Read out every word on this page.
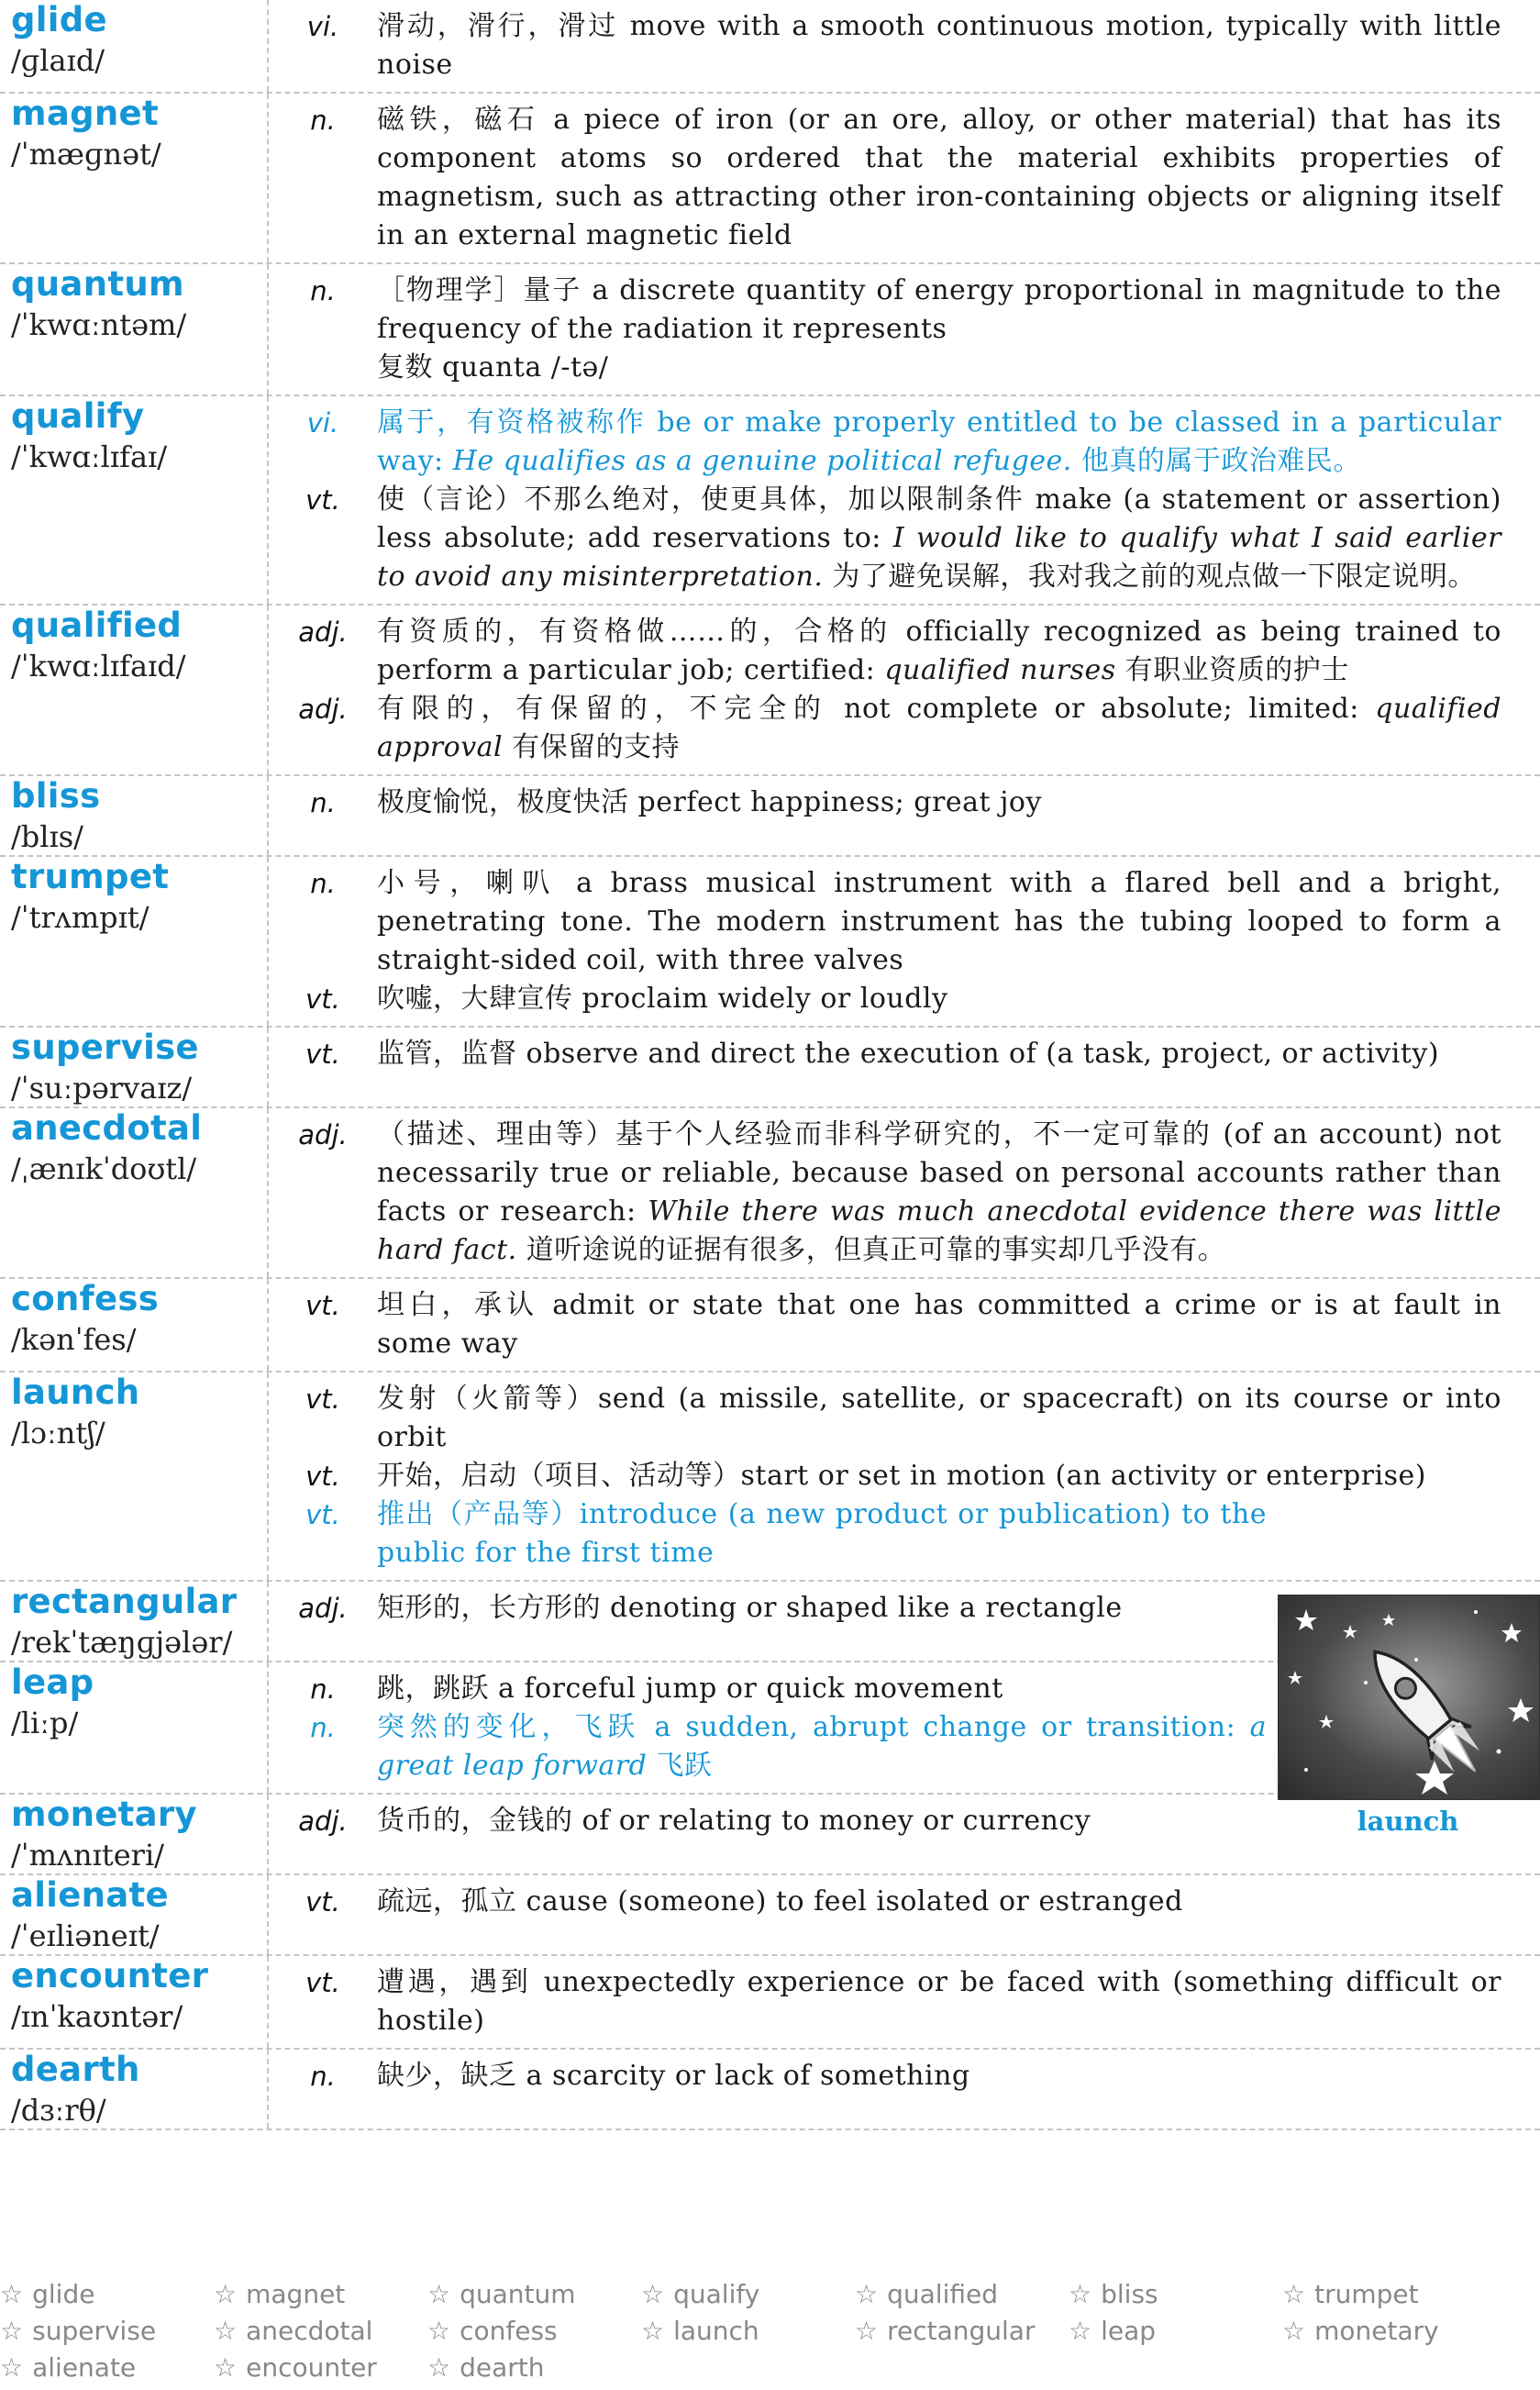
glide
/ɡlaɪd/
vi.	滑动，滑行，滑过 move with a smooth continuous motion, typically with little noise
magnet
/ˈmæɡnət/
n.	磁铁，磁石 a piece of iron (or an ore, alloy, or other material) that has its component atoms so ordered that the material exhibits properties of magnetism, such as attracting other iron-containing objects or aligning itself in an external magnetic field
quantum
/ˈkwɑːntəm/
n.	［物理学］量子 a discrete quantity of energy proportional in magnitude to the frequency of the radiation it represents
复数 quanta /-tə/
qualify
/ˈkwɑːlɪfaɪ/
vi.	属于，有资格被称作 be or make properly entitled to be classed in a particular way: He qualifies as a genuine political refugee. 他真的属于政治难民。
vt.	使（言论）不那么绝对，使更具体，加以限制条件 make (a statement or assertion) less absolute; add reservations to: I would like to qualify what I said earlier to avoid any misinterpretation. 为了避免误解，我对我之前的观点做一下限定说明。
qualified
/ˈkwɑːlɪfaɪd/
adj.	有资质的，有资格做……的，合格的 officially recognized as being trained to perform a particular job; certified: qualified nurses 有职业资质的护士
adj.	有限的，有保留的，不完全的 not complete or absolute; limited: qualified approval 有保留的支持
bliss
/blɪs/
n.	极度愉悦，极度快活 perfect happiness; great joy
trumpet
/ˈtrʌmpɪt/
n.	小号，喇叭 a brass musical instrument with a flared bell and a bright, penetrating tone. The modern instrument has the tubing looped to form a straight-sided coil, with three valves
vt.	吹嘘，大肆宣传 proclaim widely or loudly
supervise
/ˈsuːpərvaɪz/
vt.	监管，监督 observe and direct the execution of (a task, project, or activity)
anecdotal
/ˌænɪkˈdoʊtl/
adj.	（描述、理由等）基于个人经验而非科学研究的，不一定可靠的 (of an account) not necessarily true or reliable, because based on personal accounts rather than facts or research: While there was much anecdotal evidence there was little hard fact. 道听途说的证据有很多，但真正可靠的事实却几乎没有。
confess
/kənˈfes/
vt.	坦白，承认 admit or state that one has committed a crime or is at fault in some way
launch
/lɔːntʃ/
vt.	发射（火箭等）send (a missile, satellite, or spacecraft) on its course or into orbit
vt.	开始，启动（项目、活动等）start or set in motion (an activity or enterprise)
vt.	推出（产品等）introduce (a new product or publication) to the public for the first time
rectangular
/rekˈtæŋɡjələr/
adj.	矩形的，长方形的 denoting or shaped like a rectangle
leap
/liːp/
n.	跳，跳跃 a forceful jump or quick movement
n.	突然的变化，飞跃 a sudden, abrupt change or transition: a great leap forward 飞跃
monetary
/ˈmʌnɪteri/
adj.	货币的，金钱的 of or relating to money or currency
alienate
/ˈeɪliəneɪt/
vt.	疏远，孤立 cause (someone) to feel isolated or estranged
encounter
/ɪnˈkaʊntər/
vt.	遭遇，遇到 unexpectedly experience or be faced with (something difficult or hostile)
dearth
/dɜːrθ/
n.	缺少，缺乏 a scarcity or lack of something
launch
☆ glide	☆ magnet	☆ quantum	☆ qualify	☆ qualified	☆ bliss	☆ trumpet
☆ supervise	☆ anecdotal	☆ confess	☆ launch	☆ rectangular	☆ leap	☆ monetary
☆ alienate	☆ encounter	☆ dearth
